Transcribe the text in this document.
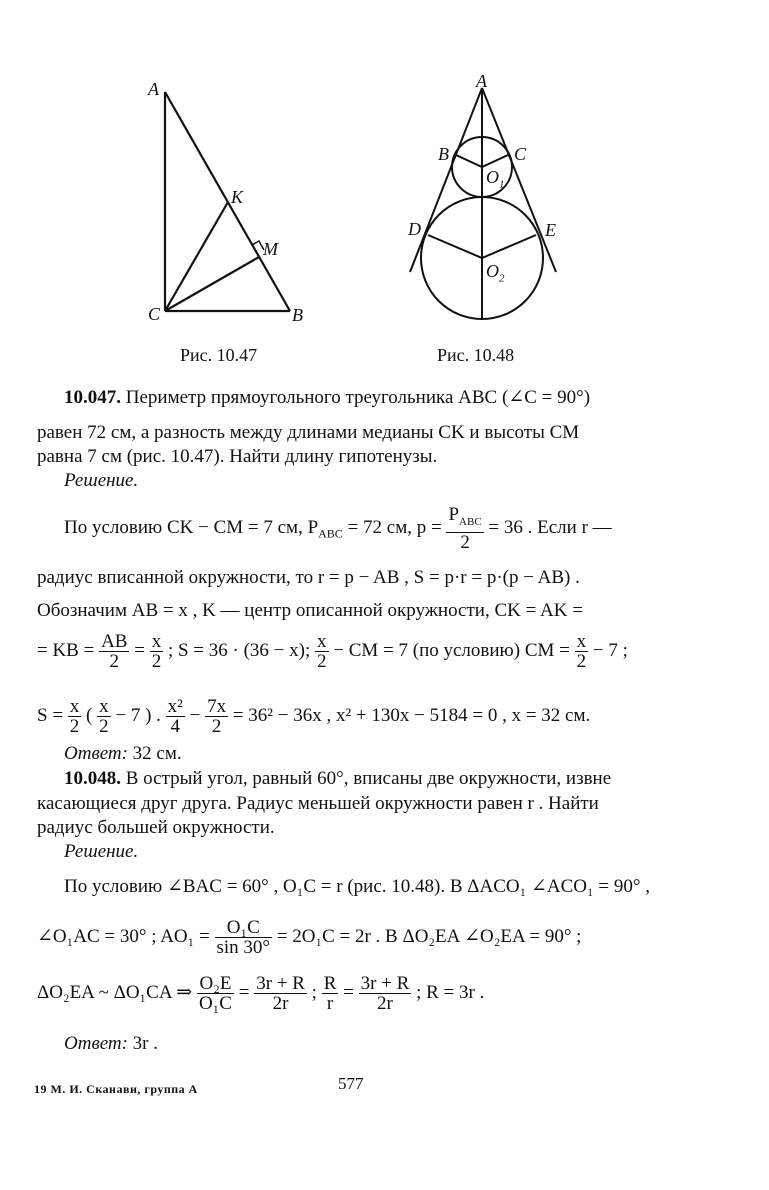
A
K
M
C	B
Рис. 10.47
A
B	C
$O_1$
D	E
$O_2$
Рис. 10.48
10.047. Периметр прямоугольного треугольника ABC (∠C = 90°)
равен 72 см, а разность между длинами медианы CK и высоты CM
равна 7 см (рис. 10.47). Найти длину гипотенузы.
Решение.
По условию CK − CM = 7 см, $P_{ABC} = 72$ см, $p = \frac{P_{ABC}}{2} = 36$ . Если r —
радиус вписанной окружности, то r = p − AB , S = p·r = p·(p − AB) .
Обозначим AB = x , K — центр описанной окружности, CK = AK =
= KB = $\frac{AB}{2} = \frac{x}{2}$ ; S = 36 · (36 − x); $\frac{x}{2}$ − CM = 7 (по условию) CM = $\frac{x}{2} - 7$ ;
$S = \frac{x}{2}$ ( $\frac{x}{2} - 7$ ) . $\frac{\text{x²}}{4} - \frac{7x}{2} = 36^2 - 36x$ , x² + 130x − 5184 = 0 , x = 32 см.
Ответ: 32 см.
10.048. В острый угол, равный 60°, вписаны две окружности, извне
касающиеся друг друга. Радиус меньшей окружности равен r . Найти
радиус большей окружности.
Решение.
По условию ∠BAC = 60° , O₁C = r (рис. 10.48). В ΔACO₁ ∠ACO₁ = 90° ,
∠O₁AC = 30° ; $AO_1 = \frac{\text{O₁C}}{\sin 30^\circ} = 2O_1C = 2r$ . В ΔO₂EA ∠O₂EA = 90° ;
ΔO₂EA ~ ΔO₁CA ⇒ $\frac{\text{O₂E}}{\text{O₁C}} = \frac{3r + R}{2r}$ ; $\frac{R}{r} = \frac{3r + R}{2r}$ ; R = 3r .
Ответ: 3r .
19 М. И. Сканави, группа А	577
